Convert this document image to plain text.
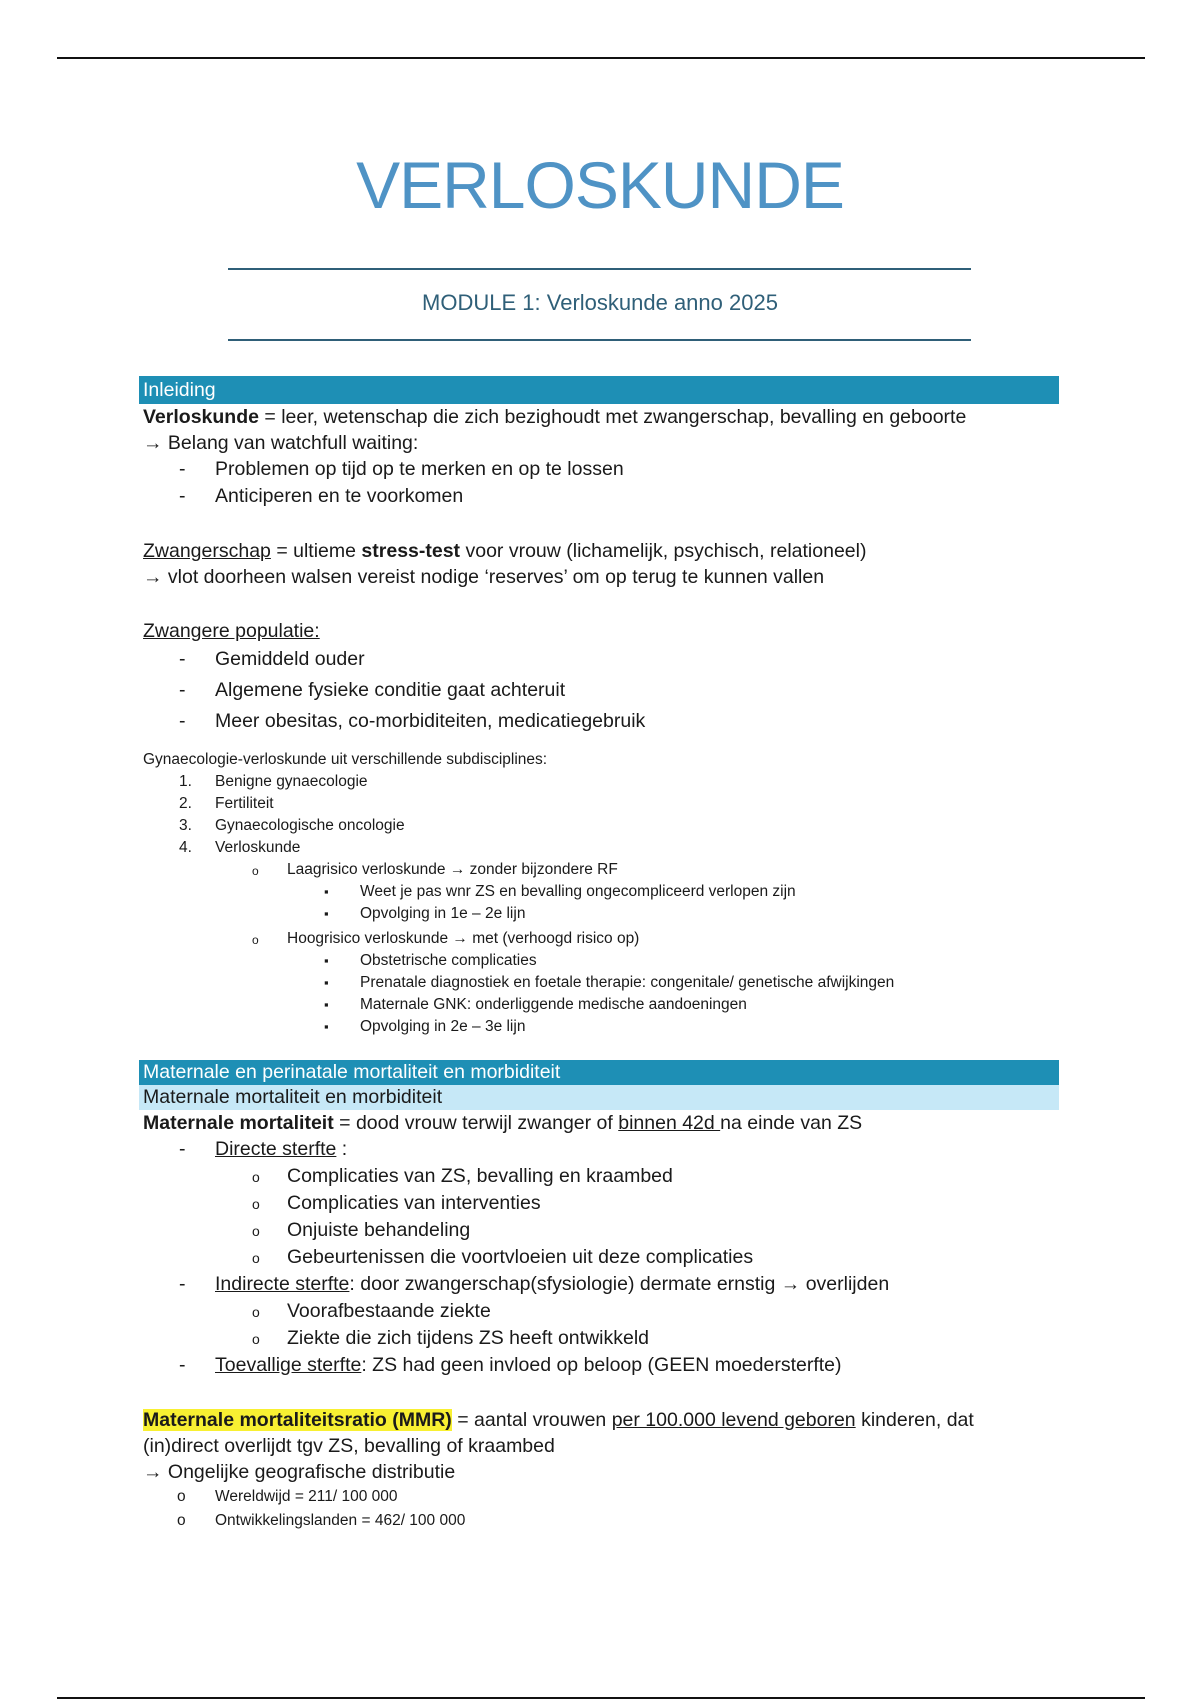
VERLOSKUNDE
MODULE 1: Verloskunde anno 2025
Inleiding
Verloskunde = leer, wetenschap die zich bezighoudt met zwangerschap, bevalling en geboorte
→ Belang van watchfull waiting:
- Problemen op tijd op te merken en op te lossen
- Anticiperen en te voorkomen
Zwangerschap = ultieme stress-test voor vrouw (lichamelijk, psychisch, relationeel)
→ vlot doorheen walsen vereist nodige ‘reserves’ om op terug te kunnen vallen
Zwangere populatie:
- Gemiddeld ouder
- Algemene fysieke conditie gaat achteruit
- Meer obesitas, co-morbiditeiten, medicatiegebruik
Gynaecologie-verloskunde uit verschillende subdisciplines:
1. Benigne gynaecologie
2. Fertiliteit
3. Gynaecologische oncologie
4. Verloskunde
o Laagrisico verloskunde → zonder bijzondere RF
▪ Weet je pas wnr ZS en bevalling ongecompliceerd verlopen zijn
▪ Opvolging in 1e – 2e lijn
o Hoogrisico verloskunde → met (verhoogd risico op)
▪ Obstetrische complicaties
▪ Prenatale diagnostiek en foetale therapie: congenitale/ genetische afwijkingen
▪ Maternale GNK: onderliggende medische aandoeningen
▪ Opvolging in 2e – 3e lijn
Maternale en perinatale mortaliteit en morbiditeit
Maternale mortaliteit en morbiditeit
Maternale mortaliteit = dood vrouw terwijl zwanger of binnen 42d na einde van ZS
- Directe sterfte :
o Complicaties van ZS, bevalling en kraambed
o Complicaties van interventies
o Onjuiste behandeling
o Gebeurtenissen die voortvloeien uit deze complicaties
- Indirecte sterfte: door zwangerschap(sfysiologie) dermate ernstig → overlijden
o Voorafbestaande ziekte
o Ziekte die zich tijdens ZS heeft ontwikkeld
- Toevallige sterfte: ZS had geen invloed op beloop (GEEN moedersterfte)
Maternale mortaliteitsratio (MMR) = aantal vrouwen per 100.000 levend geboren kinderen, dat
(in)direct overlijdt tgv ZS, bevalling of kraambed
→ Ongelijke geografische distributie
o Wereldwijd = 211/ 100 000
o Ontwikkelingslanden = 462/ 100 000
